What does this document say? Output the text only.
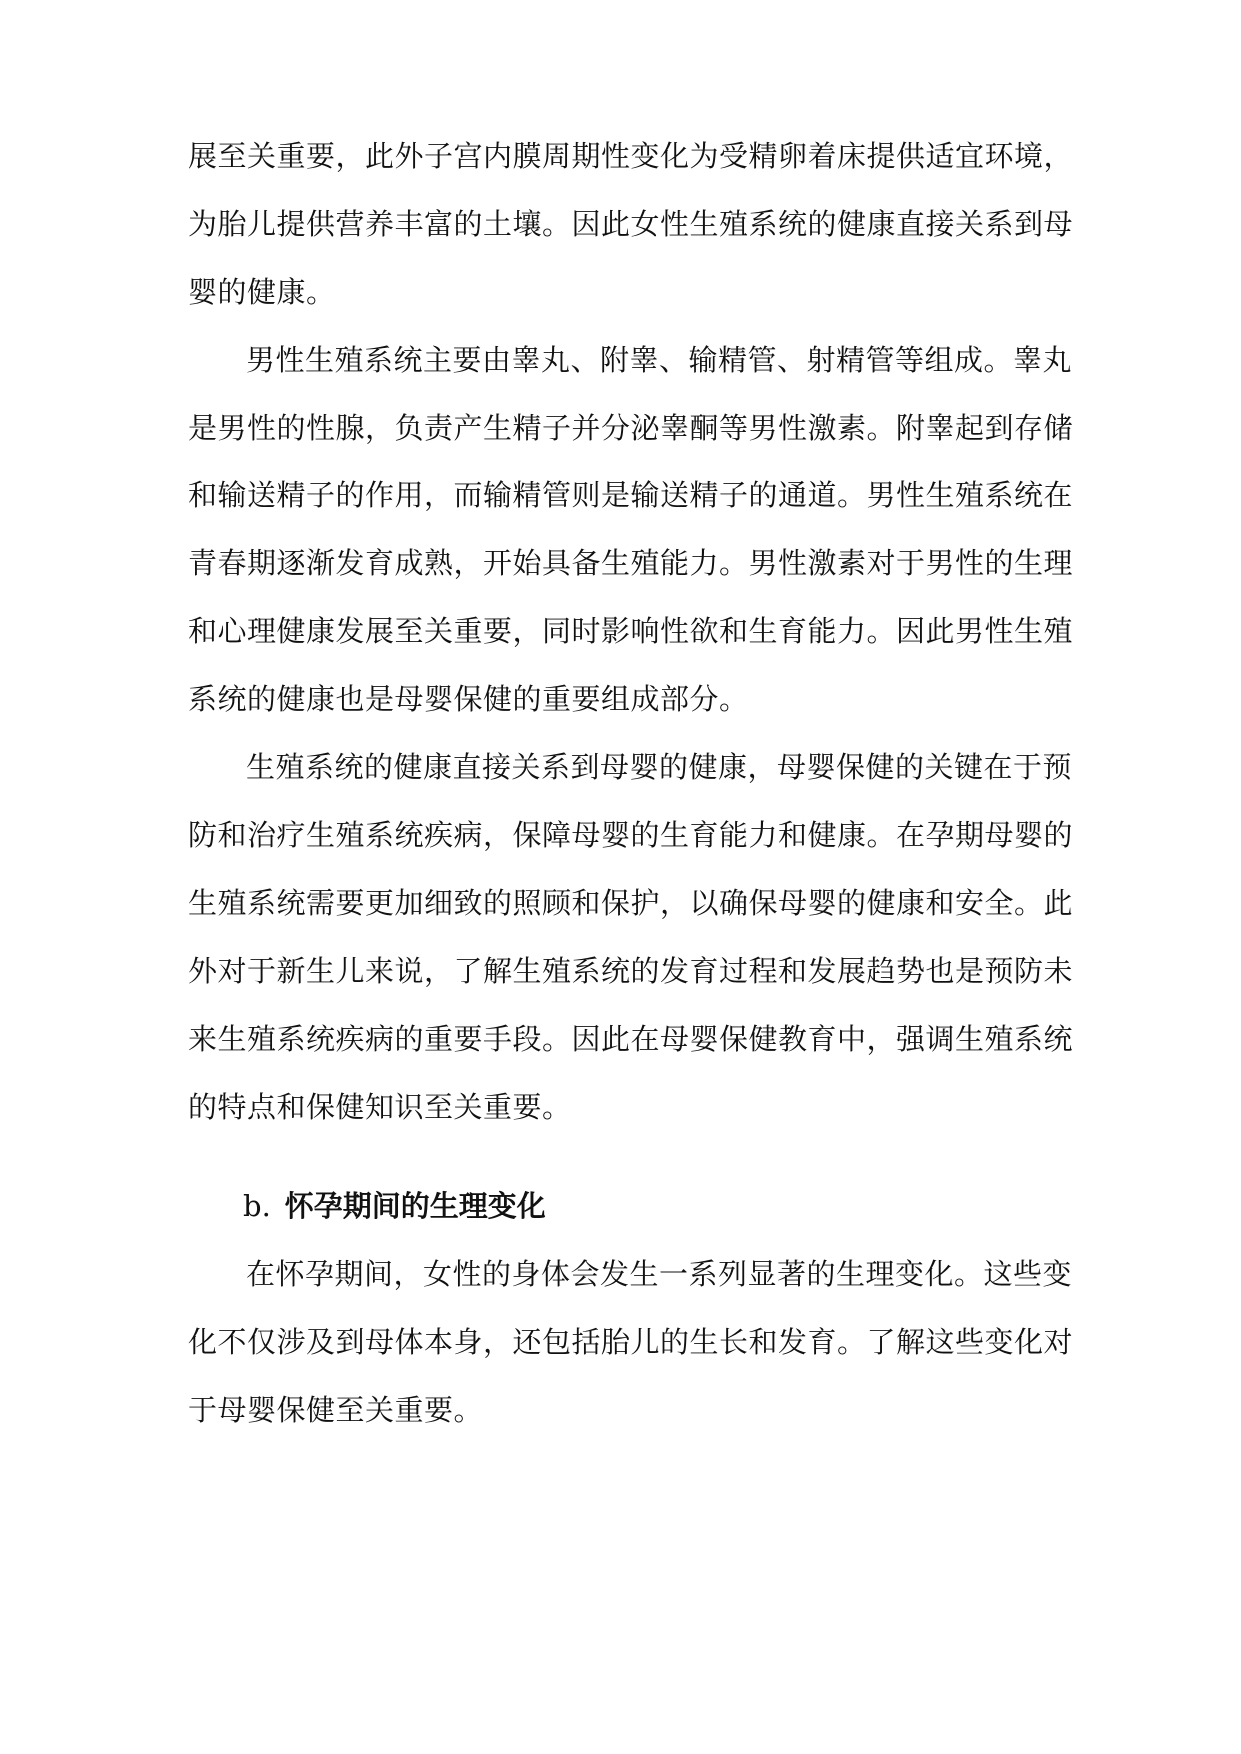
展至关重要，此外子宫内膜周期性变化为受精卵着床提供适宜环境，
为胎儿提供营养丰富的土壤。因此女性生殖系统的健康直接关系到母
婴的健康。
男性生殖系统主要由睾丸、附睾、输精管、射精管等组成。睾丸
是男性的性腺，负责产生精子并分泌睾酮等男性激素。附睾起到存储
和输送精子的作用，而输精管则是输送精子的通道。男性生殖系统在
青春期逐渐发育成熟，开始具备生殖能力。男性激素对于男性的生理
和心理健康发展至关重要，同时影响性欲和生育能力。因此男性生殖
系统的健康也是母婴保健的重要组成部分。
生殖系统的健康直接关系到母婴的健康，母婴保健的关键在于预
防和治疗生殖系统疾病，保障母婴的生育能力和健康。在孕期母婴的
生殖系统需要更加细致的照顾和保护，以确保母婴的健康和安全。此
外对于新生儿来说，了解生殖系统的发育过程和发展趋势也是预防未
来生殖系统疾病的重要手段。因此在母婴保健教育中，强调生殖系统
的特点和保健知识至关重要。
b. 怀孕期间的生理变化
在怀孕期间，女性的身体会发生一系列显著的生理变化。这些变
化不仅涉及到母体本身，还包括胎儿的生长和发育。了解这些变化对
于母婴保健至关重要。
